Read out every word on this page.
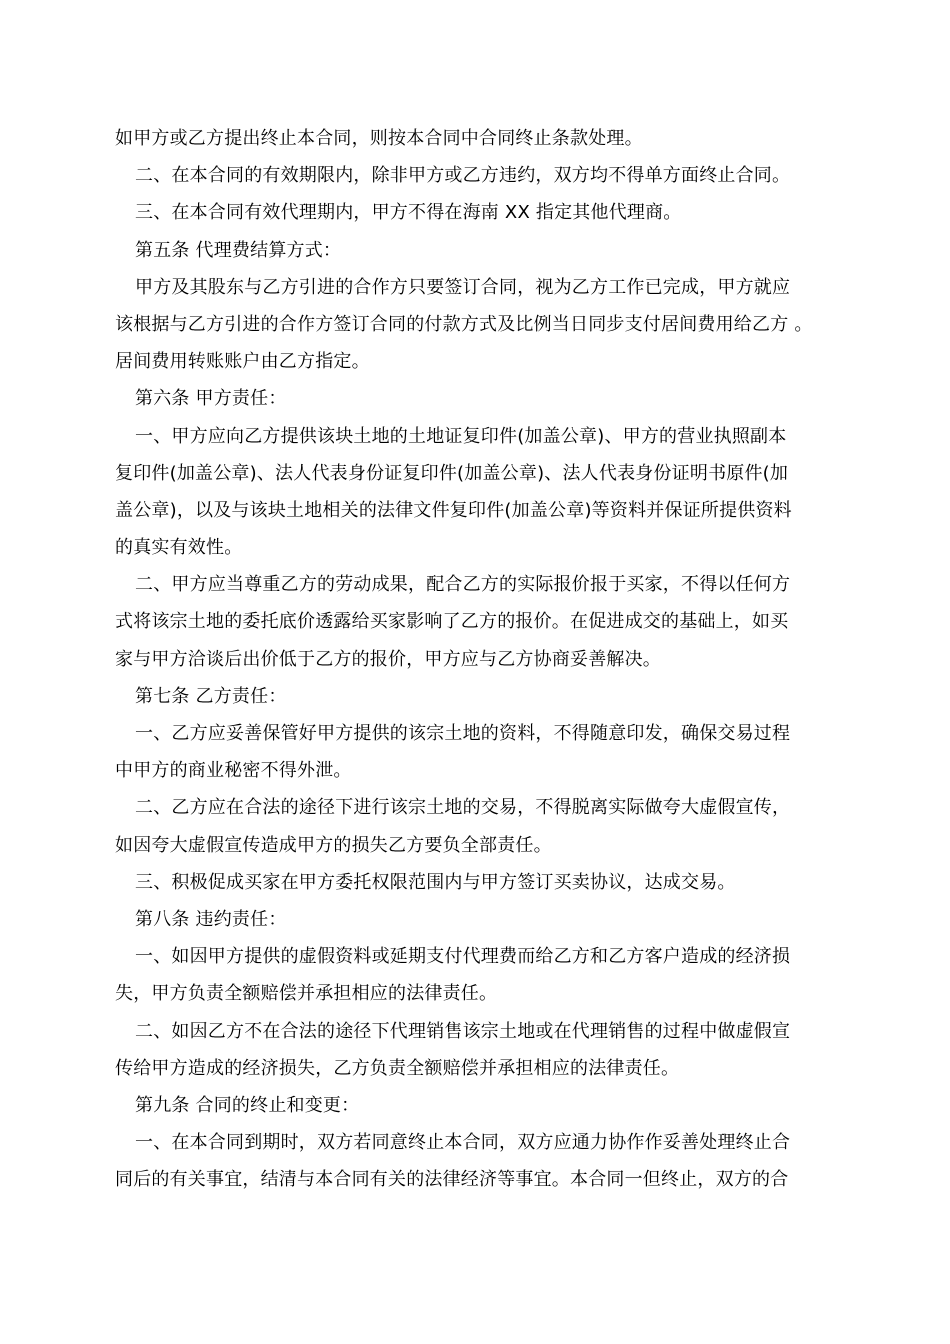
如甲方或乙方提出终止本合同，则按本合同中合同终止条款处理。
二、在本合同的有效期限内，除非甲方或乙方违约，双方均不得单方面终止合同。
三、在本合同有效代理期内，甲方不得在海南 XX 指定其他代理商。
第五条 代理费结算方式：
甲方及其股东与乙方引进的合作方只要签订合同，视为乙方工作已完成，甲方就应
该根据与乙方引进的合作方签订合同的付款方式及比例当日同步支付居间费用给乙方 。
居间费用转账账户由乙方指定。
第六条 甲方责任：
一、甲方应向乙方提供该块土地的土地证复印件(加盖公章)、甲方的营业执照副本
复印件(加盖公章)、法人代表身份证复印件(加盖公章)、法人代表身份证明书原件(加
盖公章)，以及与该块土地相关的法律文件复印件(加盖公章)等资料并保证所提供资料
的真实有效性。
二、甲方应当尊重乙方的劳动成果，配合乙方的实际报价报于买家，不得以任何方
式将该宗土地的委托底价透露给买家影响了乙方的报价。在促进成交的基础上，如买
家与甲方洽谈后出价低于乙方的报价，甲方应与乙方协商妥善解决。
第七条 乙方责任：
一、乙方应妥善保管好甲方提供的该宗土地的资料，不得随意印发，确保交易过程
中甲方的商业秘密不得外泄。
二、乙方应在合法的途径下进行该宗土地的交易，不得脱离实际做夸大虚假宣传，
如因夸大虚假宣传造成甲方的损失乙方要负全部责任。
三、积极促成买家在甲方委托权限范围内与甲方签订买卖协议，达成交易。
第八条 违约责任：
一、如因甲方提供的虚假资料或延期支付代理费而给乙方和乙方客户造成的经济损
失，甲方负责全额赔偿并承担相应的法律责任。
二、如因乙方不在合法的途径下代理销售该宗土地或在代理销售的过程中做虚假宣
传给甲方造成的经济损失，乙方负责全额赔偿并承担相应的法律责任。
第九条 合同的终止和变更：
一、在本合同到期时，双方若同意终止本合同，双方应通力协作作妥善处理终止合
同后的有关事宜，结清与本合同有关的法律经济等事宜。本合同一但终止，双方的合
